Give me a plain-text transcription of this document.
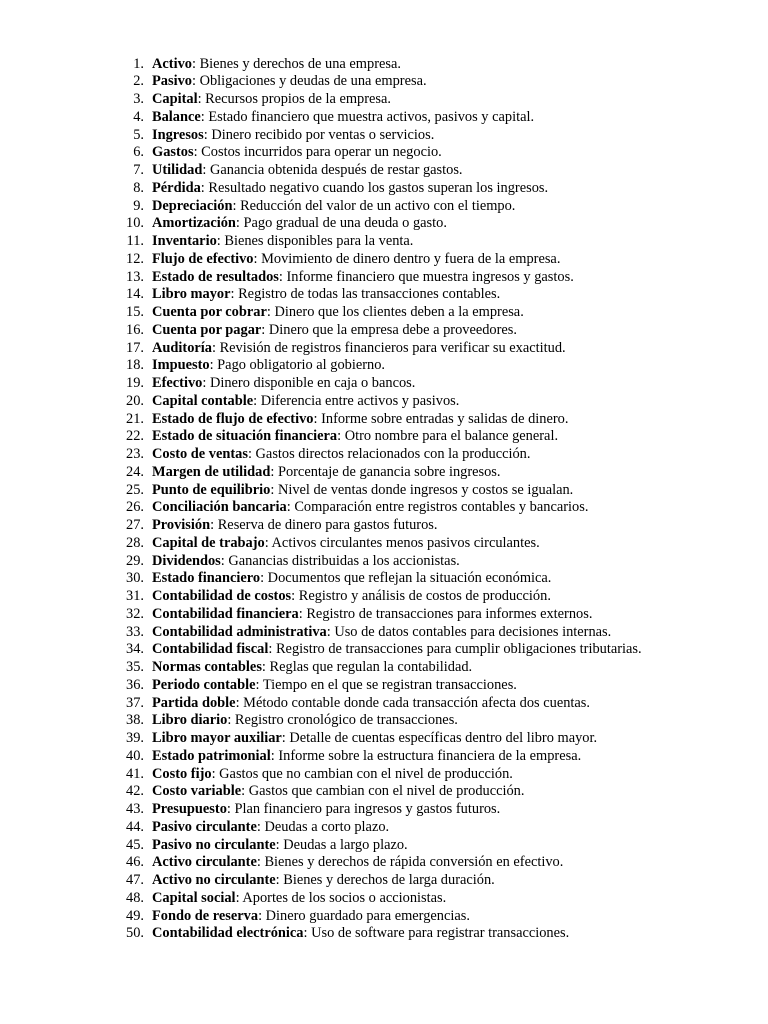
1. Activo: Bienes y derechos de una empresa.
2. Pasivo: Obligaciones y deudas de una empresa.
3. Capital: Recursos propios de la empresa.
4. Balance: Estado financiero que muestra activos, pasivos y capital.
5. Ingresos: Dinero recibido por ventas o servicios.
6. Gastos: Costos incurridos para operar un negocio.
7. Utilidad: Ganancia obtenida después de restar gastos.
8. Pérdida: Resultado negativo cuando los gastos superan los ingresos.
9. Depreciación: Reducción del valor de un activo con el tiempo.
10. Amortización: Pago gradual de una deuda o gasto.
11. Inventario: Bienes disponibles para la venta.
12. Flujo de efectivo: Movimiento de dinero dentro y fuera de la empresa.
13. Estado de resultados: Informe financiero que muestra ingresos y gastos.
14. Libro mayor: Registro de todas las transacciones contables.
15. Cuenta por cobrar: Dinero que los clientes deben a la empresa.
16. Cuenta por pagar: Dinero que la empresa debe a proveedores.
17. Auditoría: Revisión de registros financieros para verificar su exactitud.
18. Impuesto: Pago obligatorio al gobierno.
19. Efectivo: Dinero disponible en caja o bancos.
20. Capital contable: Diferencia entre activos y pasivos.
21. Estado de flujo de efectivo: Informe sobre entradas y salidas de dinero.
22. Estado de situación financiera: Otro nombre para el balance general.
23. Costo de ventas: Gastos directos relacionados con la producción.
24. Margen de utilidad: Porcentaje de ganancia sobre ingresos.
25. Punto de equilibrio: Nivel de ventas donde ingresos y costos se igualan.
26. Conciliación bancaria: Comparación entre registros contables y bancarios.
27. Provisión: Reserva de dinero para gastos futuros.
28. Capital de trabajo: Activos circulantes menos pasivos circulantes.
29. Dividendos: Ganancias distribuidas a los accionistas.
30. Estado financiero: Documentos que reflejan la situación económica.
31. Contabilidad de costos: Registro y análisis de costos de producción.
32. Contabilidad financiera: Registro de transacciones para informes externos.
33. Contabilidad administrativa: Uso de datos contables para decisiones internas.
34. Contabilidad fiscal: Registro de transacciones para cumplir obligaciones tributarias.
35. Normas contables: Reglas que regulan la contabilidad.
36. Periodo contable: Tiempo en el que se registran transacciones.
37. Partida doble: Método contable donde cada transacción afecta dos cuentas.
38. Libro diario: Registro cronológico de transacciones.
39. Libro mayor auxiliar: Detalle de cuentas específicas dentro del libro mayor.
40. Estado patrimonial: Informe sobre la estructura financiera de la empresa.
41. Costo fijo: Gastos que no cambian con el nivel de producción.
42. Costo variable: Gastos que cambian con el nivel de producción.
43. Presupuesto: Plan financiero para ingresos y gastos futuros.
44. Pasivo circulante: Deudas a corto plazo.
45. Pasivo no circulante: Deudas a largo plazo.
46. Activo circulante: Bienes y derechos de rápida conversión en efectivo.
47. Activo no circulante: Bienes y derechos de larga duración.
48. Capital social: Aportes de los socios o accionistas.
49. Fondo de reserva: Dinero guardado para emergencias.
50. Contabilidad electrónica: Uso de software para registrar transacciones.
